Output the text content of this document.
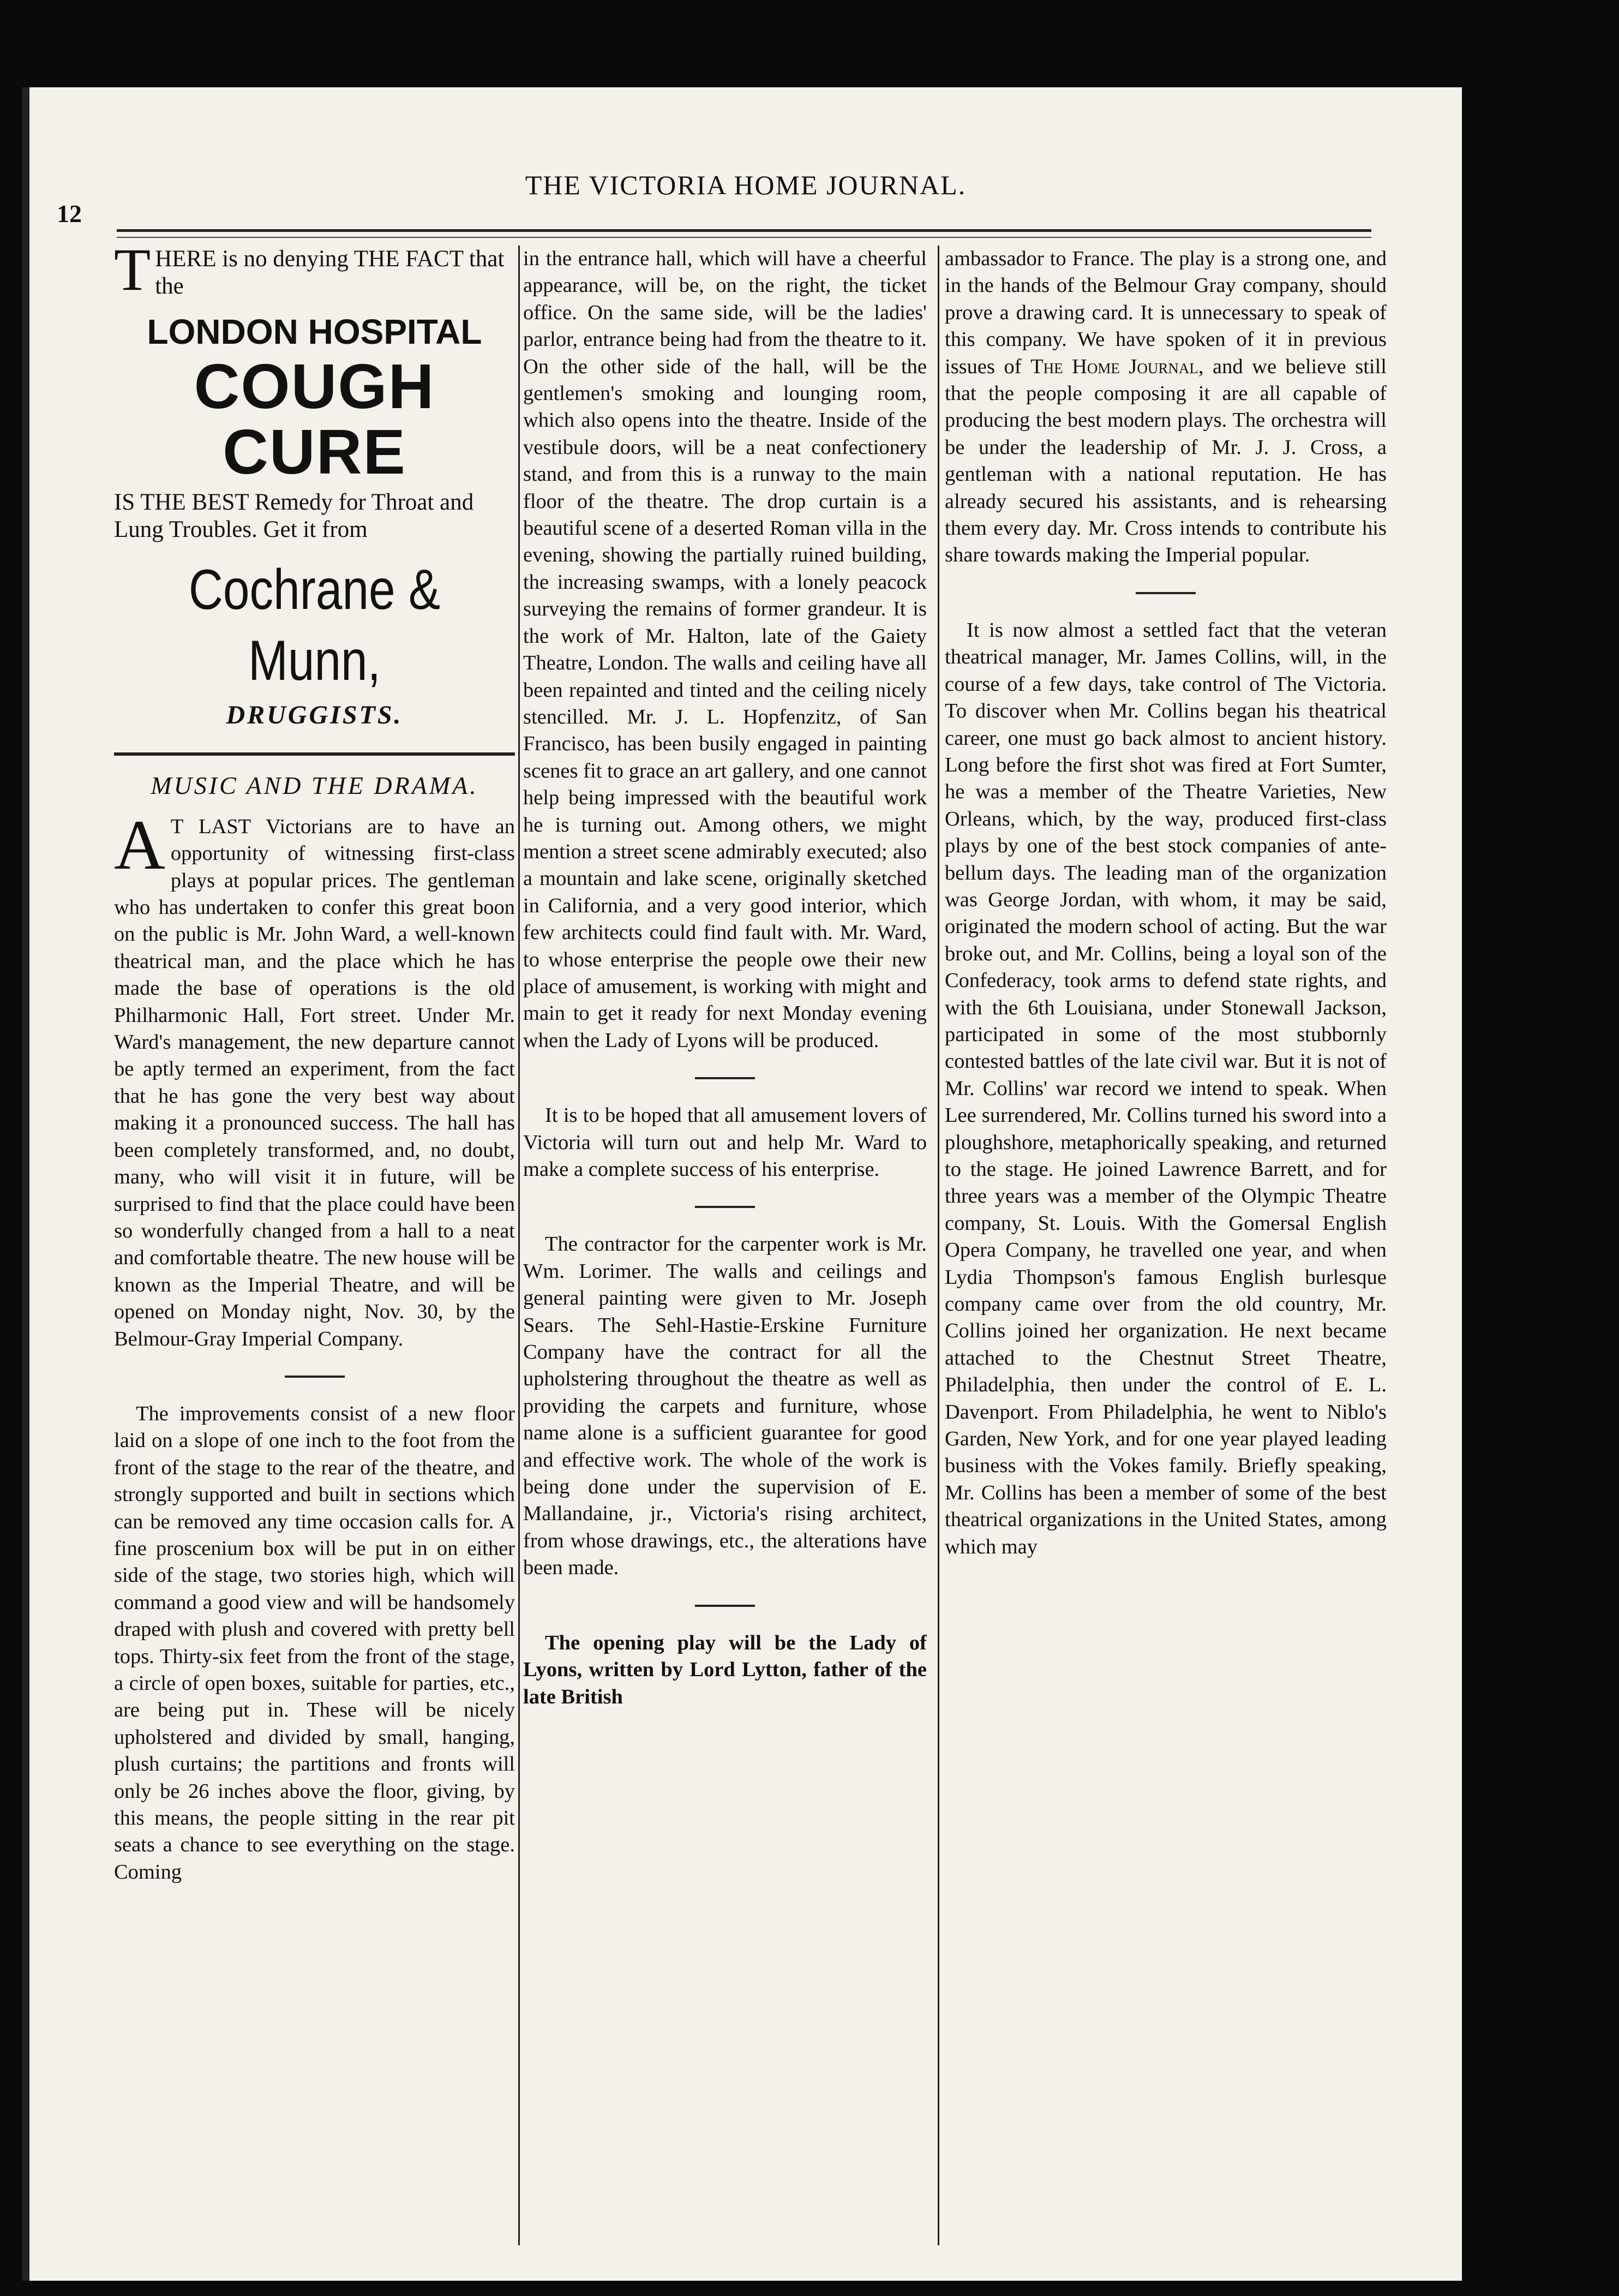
12
THE VICTORIA HOME JOURNAL.
T HERE is no denying THE FACT that the
LONDON HOSPITAL
COUGH CURE
IS THE BEST Remedy for Throat and Lung Troubles. Get it from
Cochrane & Munn,
DRUGGISTS.
MUSIC AND THE DRAMA.

A T LAST Victorians are to have an opportunity of witnessing first-class plays at popular prices. The gentleman who has undertaken to confer this great boon on the public is Mr. John Ward, a well-known theatrical man, and the place which he has made the base of operations is the old Philharmonic Hall, Fort street. Under Mr. Ward's management, the new departure cannot be aptly termed an experiment, from the fact that he has gone the very best way about making it a pronounced success. The hall has been completely transformed, and, no doubt, many, who will visit it in future, will be surprised to find that the place could have been so wonderfully changed from a hall to a neat and comfortable theatre. The new house will be known as the Imperial Theatre, and will be opened on Monday night, Nov. 30, by the Belmour-Gray Imperial Company.

The improvements consist of a new floor laid on a slope of one inch to the foot from the front of the stage to the rear of the theatre, and strongly supported and built in sections which can be removed any time occasion calls for. A fine proscenium box will be put in on either side of the stage, two stories high, which will command a good view and will be handsomely draped with plush and covered with pretty bell tops. Thirty-six feet from the front of the stage, a circle of open boxes, suitable for parties, etc., are being put in. These will be nicely upholstered and divided by small, hanging, plush curtains; the partitions and fronts will only be 26 inches above the floor, giving, by this means, the people sitting in the rear pit seats a chance to see everything on the stage. Coming

in the entrance hall, which will have a cheerful appearance, will be, on the right, the ticket office. On the same side, will be the ladies' parlor, entrance being had from the theatre to it. On the other side of the hall, will be the gentlemen's smoking and lounging room, which also opens into the theatre. Inside of the vestibule doors, will be a neat confectionery stand, and from this is a runway to the main floor of the theatre. The drop curtain is a beautiful scene of a deserted Roman villa in the evening, showing the partially ruined building, the increasing swamps, with a lonely peacock surveying the remains of former grandeur. It is the work of Mr. Halton, late of the Gaiety Theatre, London. The walls and ceiling have all been repainted and tinted and the ceiling nicely stencilled. Mr. J. L. Hopfenzitz, of San Francisco, has been busily engaged in painting scenes fit to grace an art gallery, and one cannot help being impressed with the beautiful work he is turning out. Among others, we might mention a street scene admirably executed; also a mountain and lake scene, originally sketched in California, and a very good interior, which few architects could find fault with. Mr. Ward, to whose enterprise the people owe their new place of amusement, is working with might and main to get it ready for next Monday evening when the Lady of Lyons will be produced.

It is to be hoped that all amusement lovers of Victoria will turn out and help Mr. Ward to make a complete success of his enterprise.

The contractor for the carpenter work is Mr. Wm. Lorimer. The walls and ceilings and general painting were given to Mr. Joseph Sears. The Sehl-Hastie-Erskine Furniture Company have the contract for all the upholstering throughout the theatre as well as providing the carpets and furniture, whose name alone is a sufficient guarantee for good and effective work. The whole of the work is being done under the supervision of E. Mallandaine, jr., Victoria's rising architect, from whose drawings, etc., the alterations have been made.

The opening play will be the Lady of Lyons, written by Lord Lytton, father of the late British

ambassador to France. The play is a strong one, and in the hands of the Belmour Gray company, should prove a drawing card. It is unnecessary to speak of this company. We have spoken of it in previous issues of The Home Journal, and we believe still that the people composing it are all capable of producing the best modern plays. The orchestra will be under the leadership of Mr. J. J. Cross, a gentleman with a national reputation. He has already secured his assistants, and is rehearsing them every day. Mr. Cross intends to contribute his share towards making the Imperial popular.

It is now almost a settled fact that the veteran theatrical manager, Mr. James Collins, will, in the course of a few days, take control of The Victoria. To discover when Mr. Collins began his theatrical career, one must go back almost to ancient history. Long before the first shot was fired at Fort Sumter, he was a member of the Theatre Varieties, New Orleans, which, by the way, produced first-class plays by one of the best stock companies of ante-bellum days. The leading man of the organization was George Jordan, with whom, it may be said, originated the modern school of acting. But the war broke out, and Mr. Collins, being a loyal son of the Confederacy, took arms to defend state rights, and with the 6th Louisiana, under Stonewall Jackson, participated in some of the most stubbornly contested battles of the late civil war. But it is not of Mr. Collins' war record we intend to speak. When Lee surrendered, Mr. Collins turned his sword into a ploughshore, metaphorically speaking, and returned to the stage. He joined Lawrence Barrett, and for three years was a member of the Olympic Theatre company, St. Louis. With the Gomersal English Opera Company, he travelled one year, and when Lydia Thompson's famous English burlesque company came over from the old country, Mr. Collins joined her organization. He next became attached to the Chestnut Street Theatre, Philadelphia, then under the control of E. L. Davenport. From Philadelphia, he went to Niblo's Garden, New York, and for one year played leading business with the Vokes family. Briefly speaking, Mr. Collins has been a member of some of the best theatrical organizations in the United States, among which may
